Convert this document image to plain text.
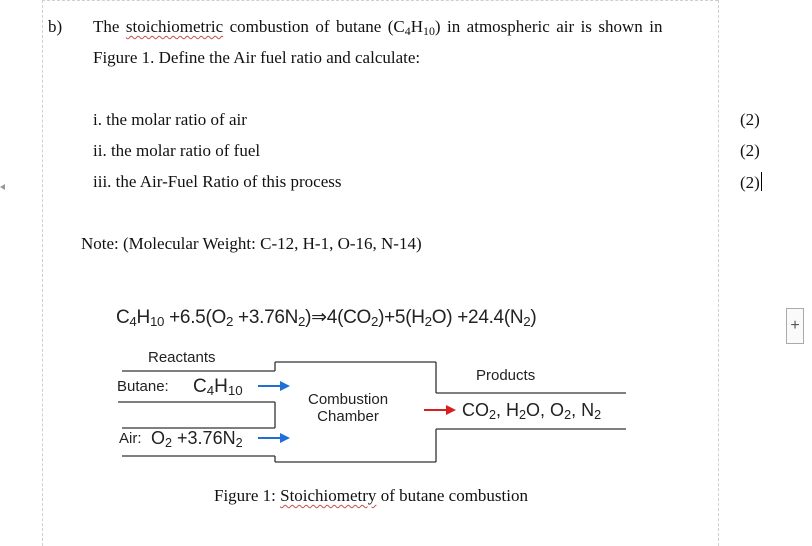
b) The stoichiometric combustion of butane $(C_4H_{10})$ in atmospheric air is shown in
Figure 1. Define the Air fuel ratio and calculate:
i. the molar ratio of air	(2)
ii. the molar ratio of fuel	(2)
iii. the Air-Fuel Ratio of this process	(2)
Note: (Molecular Weight: C-12, H-1, O-16, N-14)
$C_4H_{10} +6.5(O_2$ $+3.76N_2)\Rightarrow 4(CO_2)+5(H_2O) +24.4(N_2)$
Reactants
Butane: $C_4H_{10}$
Air: $O_2 +3.76N_2$
Combustion
Chamber
Products
$CO_2$, $H_2O$, $O_2$, $N_2$
Figure 1: Stoichiometry of butane combustion
+
